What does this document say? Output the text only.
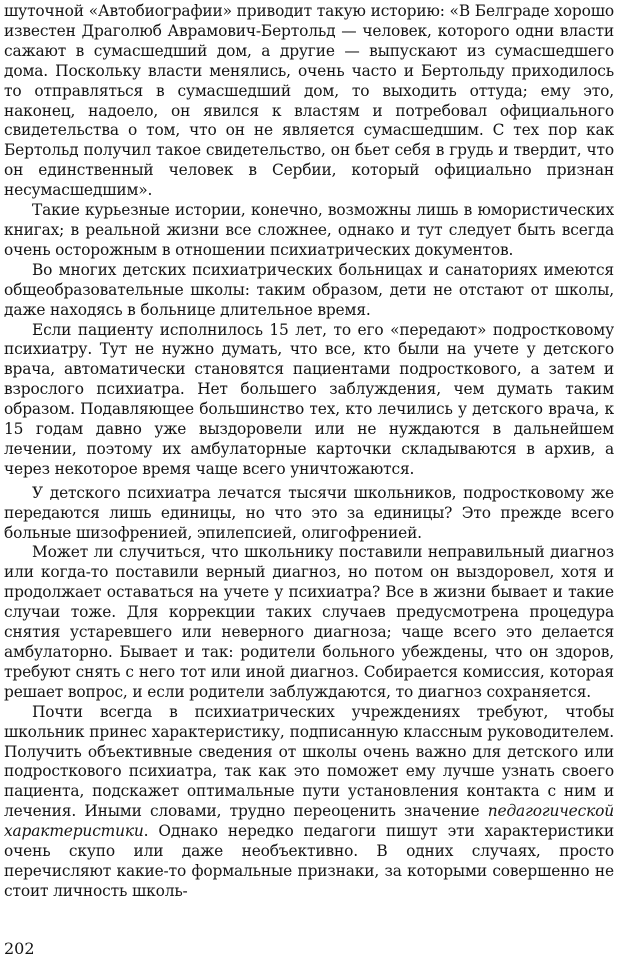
шуточной «Автобиографии» приводит такую историю: «В Белграде хорошо известен Драголюб Аврамович-Бертольд — человек, которого одни власти сажают в сумасшедший дом, а другие — выпускают из сумасшедшего дома. Поскольку власти менялись, очень часто и Бертольду приходилось то отправляться в сумасшедший дом, то выходить оттуда; ему это, наконец, надоело, он явился к властям и потребовал официального свидетельства о том, что он не является сумасшедшим. С тех пор как Бертольд получил такое свидетельство, он бьет себя в грудь и твердит, что он единственный человек в Сербии, который официально признан несумасшедшим».

Такие курьезные истории, конечно, возможны лишь в юмористических книгах; в реальной жизни все сложнее, однако и тут следует быть всегда очень осторожным в отношении психиатрических документов.

Во многих детских психиатрических больницах и санаториях имеются общеобразовательные школы: таким образом, дети не отстают от школы, даже находясь в больнице длительное время.

Если пациенту исполнилось 15 лет, то его «передают» подростковому психиатру. Тут не нужно думать, что все, кто были на учете у детского врача, автоматически становятся пациентами подросткового, а затем и взрослого психиатра. Нет большего заблуждения, чем думать таким образом. Подавляющее большинство тех, кто лечились у детского врача, к 15 годам давно уже выздоровели или не нуждаются в дальнейшем лечении, поэтому их амбулаторные карточки складываются в архив, а через некоторое время чаще всего уничтожаются.

У детского психиатра лечатся тысячи школьников, подростковому же передаются лишь единицы, но что это за единицы? Это прежде всего больные шизофренией, эпилепсией, олигофренией.

Может ли случиться, что школьнику поставили неправильный диагноз или когда-то поставили верный диагноз, но потом он выздоровел, хотя и продолжает оставаться на учете у психиатра? Все в жизни бывает и такие случаи тоже. Для коррекции таких случаев предусмотрена процедура снятия устаревшего или неверного диагноза; чаще всего это делается амбулаторно. Бывает и так: родители больного убеждены, что он здоров, требуют снять с него тот или иной диагноз. Собирается комиссия, которая решает вопрос, и если родители заблуждаются, то диагноз сохраняется.

Почти всегда в психиатрических учреждениях требуют, чтобы школьник принес характеристику, подписанную классным руководителем. Получить объективные сведения от школы очень важно для детского или подросткового психиатра, так как это поможет ему лучше узнать своего пациента, подскажет оптимальные пути установления контакта с ним и лечения. Иными словами, трудно переоценить значение педагогической характеристики. Однако нередко педагоги пишут эти характеристики очень скупо или даже необъективно. В одних случаях, просто перечисляют какие-то формальные признаки, за которыми совершенно не стоит личность школь-

202
